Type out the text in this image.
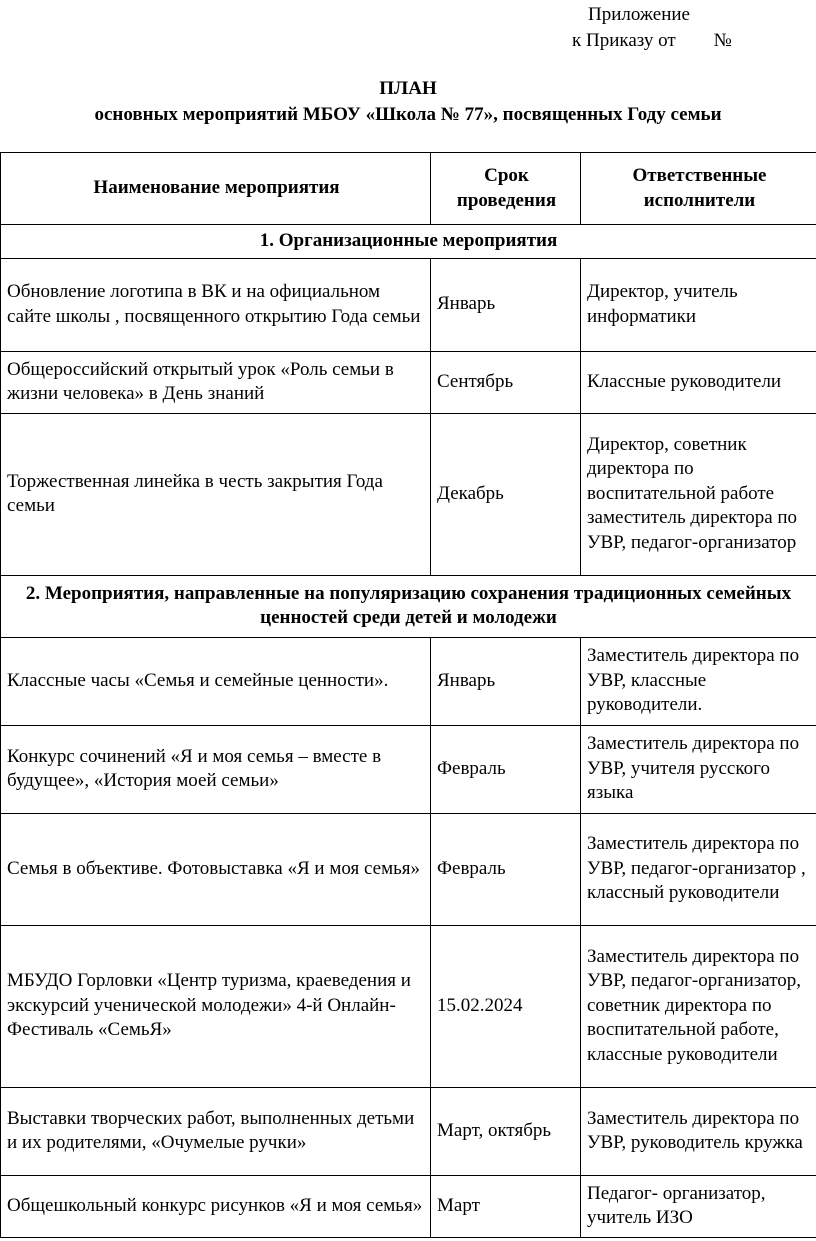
Приложение
к Приказу от        №
ПЛАН
основных мероприятий МБОУ «Школа № 77», посвященных Году семьи
Наименование мероприятия	Срок проведения	Ответственные исполнители
1. Организационные мероприятия		
Обновление логотипа в ВК и на официальном сайте школы , посвященного открытию Года семьи	Январь	Директор, учитель информатики
Общероссийский открытый урок «Роль семьи в жизни человека» в День знаний	Сентябрь	Классные руководители
Торжественная линейка в честь закрытия Года семьи	Декабрь	Директор, советник директора по воспитательной работе заместитель директора по УВР, педагог-организатор
2. Мероприятия, направленные на популяризацию сохранения традиционных семейных ценностей среди детей и молодежи		
Классные часы «Семья и семейные ценности».	Январь	Заместитель директора по УВР, классные руководители.
Конкурс сочинений «Я и моя семья – вместе в будущее», «История моей семьи»	Февраль	Заместитель директора по УВР, учителя русского языка
Семья в объективе. Фотовыставка «Я и моя семья»	Февраль	Заместитель директора по УВР, педагог-организатор , классный руководители
МБУДО Горловки «Центр туризма, краеведения и экскурсий ученической молодежи» 4-й Онлайн-Фестиваль «СемьЯ»	15.02.2024	Заместитель директора по УВР, педагог-организатор, советник директора по воспитательной работе, классные руководители
Выставки творческих работ, выполненных детьми и их родителями, «Очумелые ручки»	Март, октябрь	Заместитель директора по УВР, руководитель кружка
Общешкольный конкурс рисунков «Я и моя семья»	Март	Педагог- организатор, учитель ИЗО
